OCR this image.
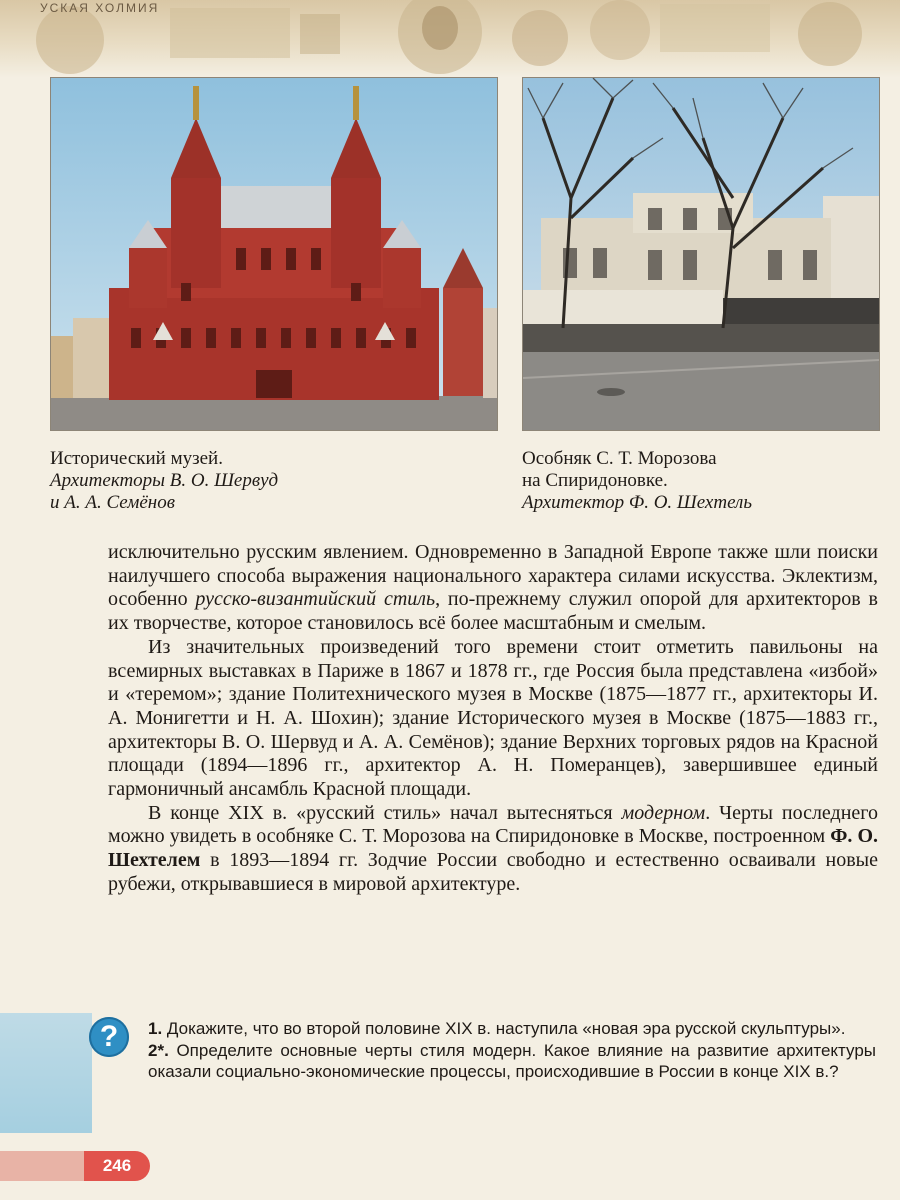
УСКАЯ ХОЛМИЯ
Исторический музей.
Архитекторы В. О. Шервуд
и А. А. Семёнов
Особняк С. Т. Морозова
на Спиридоновке.
Архитектор Ф. О. Шехтель

исключительно русским явлением. Одновременно в Западной Европе также шли поиски наилучшего способа выражения национального характера силами искусства. Эклектизм, особенно русско-византийский стиль, по-прежнему служил опорой для архитекторов в их творчестве, которое становилось всё более масштабным и смелым.

Из значительных произведений того времени стоит отметить павильоны на всемирных выставках в Париже в 1867 и 1878 гг., где Россия была представлена «избой» и «теремом»; здание Политехнического музея в Москве (1875—1877 гг., архитекторы И. А. Монигетти и Н. А. Шохин); здание Исторического музея в Москве (1875—1883 гг., архитекторы В. О. Шервуд и А. А. Семёнов); здание Верхних торговых рядов на Красной площади (1894—1896 гг., архитектор А. Н. Померанцев), завершившее единый гармоничный ансамбль Красной площади.

В конце XIX в. «русский стиль» начал вытесняться модерном. Черты последнего можно увидеть в особняке С. Т. Морозова на Спиридоновке в Москве, построенном Ф. О. Шехтелем в 1893—1894 гг. Зодчие России свободно и естественно осваивали новые рубежи, открывавшиеся в мировой архитектуре.

?	1. Докажите, что во второй половине XIX в. наступила «новая эра русской скульптуры».

2*. Определите основные черты стиля модерн. Какое влияние на развитие архитектуры оказали социально-экономические процессы, происходившие в России в конце XIX в.?

246
